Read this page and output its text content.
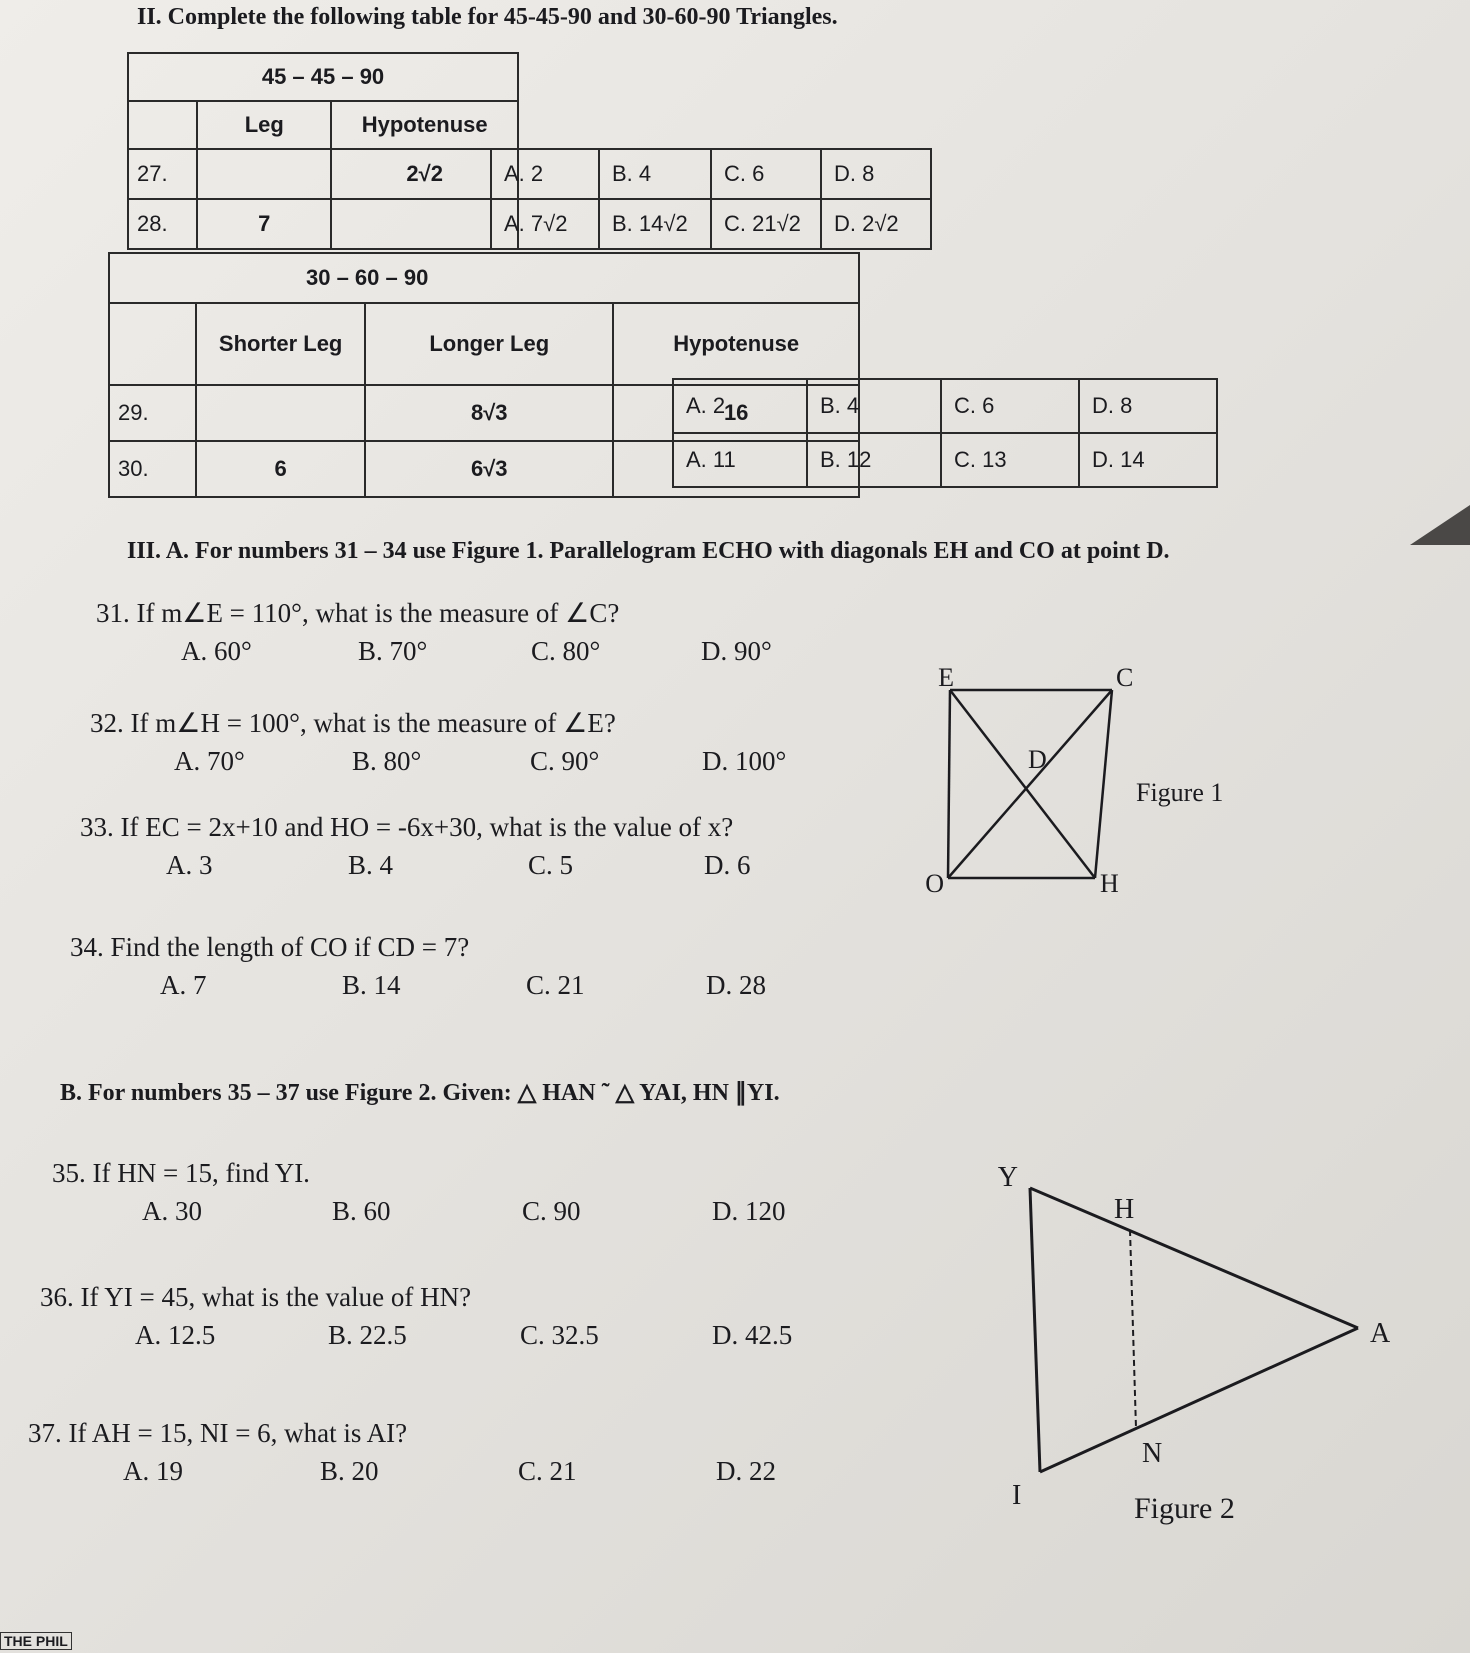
II. Complete the following table for 45-45-90 and 30-60-90 Triangles.
45 – 45 – 90		
	Leg	Hypotenuse
27.		2√2
28.	7	
A. 2	B. 4	C. 6	D. 8
A. 7√2	B. 14√2	C. 21√2	D. 2√2
30 – 60 – 90			
	Shorter Leg	Longer Leg	Hypotenuse
29.		8√3	16
30.	6	6√3	
A. 2	B. 4	C. 6	D. 8
A. 11	B. 12	C. 13	D. 14
III. A. For numbers 31 – 34 use Figure 1. Parallelogram ECHO with diagonals EH and CO at point D.
31. If m∠E = 110°, what is the measure of ∠C?
A. 60°	B. 70°	C. 80°	D. 90°
32. If m∠H = 100°, what is the measure of ∠E?
A. 70°	B. 80°	C. 90°	D. 100°
33. If EC = 2x+10 and HO = -6x+30, what is the value of x?
A. 3	B. 4	C. 5	D. 6
34. Find the length of CO if CD = 7?
A. 7	B. 14	C. 21	D. 28
E	C
D
O	H
Figure 1
B. For numbers 35 – 37 use Figure 2. Given: △ HAN ˜ △ YAI, HN ∥YI.
35. If HN = 15, find YI.
A. 30	B. 60	C. 90	D. 120
36. If YI = 45, what is the value of HN?
A. 12.5	B. 22.5	C. 32.5	D. 42.5
37. If AH = 15, NI = 6, what is AI?
A. 19	B. 20	C. 21	D. 22
Y
H
A
N
I	Figure 2
THE PHIL
